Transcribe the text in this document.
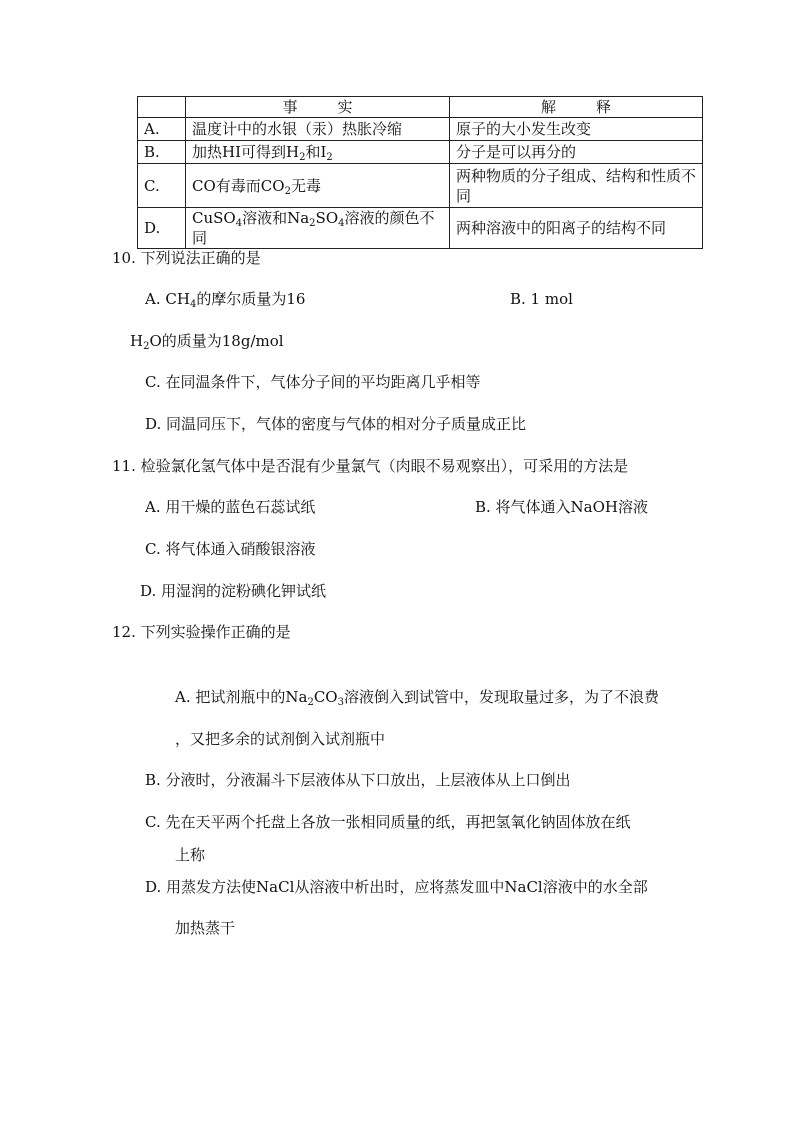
	事 实	解 释
A.	温度计中的水银（汞）热胀冷缩	原子的大小发生改变
B.	加热HI可得到$H_2$和$I_2$	分子是可以再分的
C.	CO有毒而$CO_2$无毒	两种物质的分子组成、结构和性质不同
D.	CuSO$_4$溶液和$Na_2SO_4$溶液的颜色不同	两种溶液中的阳离子的结构不同
10. 下列说法正确的是
A. $CH_4$的摩尔质量为16	B. 1 mol
$H_2O$的质量为18g/mol
C. 在同温条件下，气体分子间的平均距离几乎相等
D. 同温同压下，气体的密度与气体的相对分子质量成正比
11. 检验氯化氢气体中是否混有少量氯气（肉眼不易观察出），可采用的方法是
A. 用干燥的蓝色石蕊试纸	B. 将气体通入NaOH溶液
C. 将气体通入硝酸银溶液
D. 用湿润的淀粉碘化钾试纸
12. 下列实验操作正确的是
A. 把试剂瓶中的$Na_2CO_3$溶液倒入到试管中，发现取量过多，为了不浪费
，又把多余的试剂倒入试剂瓶中
B. 分液时，分液漏斗下层液体从下口放出，上层液体从上口倒出
C. 先在天平两个托盘上各放一张相同质量的纸，再把氢氧化钠固体放在纸
上称
D. 用蒸发方法使NaCl从溶液中析出时，应将蒸发皿中NaCl溶液中的水全部
加热蒸干
